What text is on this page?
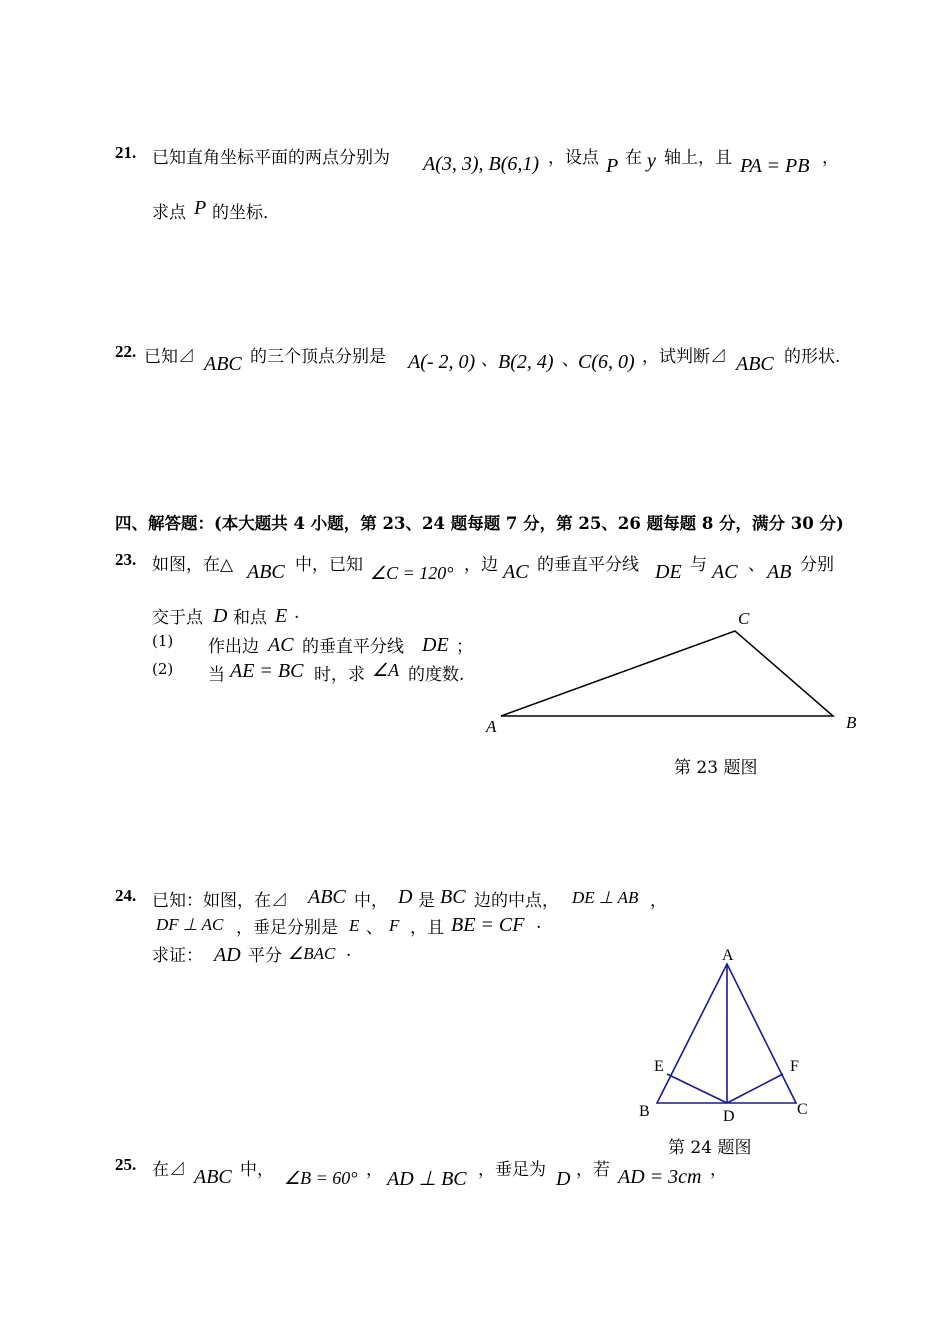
21. 已知直角坐标平面的两点分别为 A(3, 3), B(6,1) ，设点 P 在 y 轴上，且 PA = PB ，
求点 P 的坐标．
22. 已知⊿ ABC 的三个顶点分别是 A(- 2, 0) 、 B(2, 4) 、 C(6, 0) ，试判断⊿ ABC 的形状.
四、解答题：(本大题共 4 小题，第 23、24 题每题 7 分，第 25、26 题每题 8 分，满分 30 分)
23. 如图，在△ ABC 中，已知 ∠C = 120° ，边 AC 的垂直平分线 DE 与 AC 、 AB 分别
交于点 D 和点 E .
(1) 作出边 AC 的垂直平分线 DE ；
(2) 当 AE = BC 时，求 ∠A 的度数.
A	B
C
第 23 题图
24. 已知：如图，在⊿ ABC 中， D 是 BC 边的中点， DE ⊥ AB ，
DF ⊥ AC ，垂足分别是 E 、 F ，且 BE = CF .
求证： AD 平分 ∠BAC .	A
B	C
D
E	F
第 24 题图
25. 在⊿ ABC 中， ∠B = 60° ， AD ⊥ BC ，垂足为 D ，若 AD = 3cm ，
